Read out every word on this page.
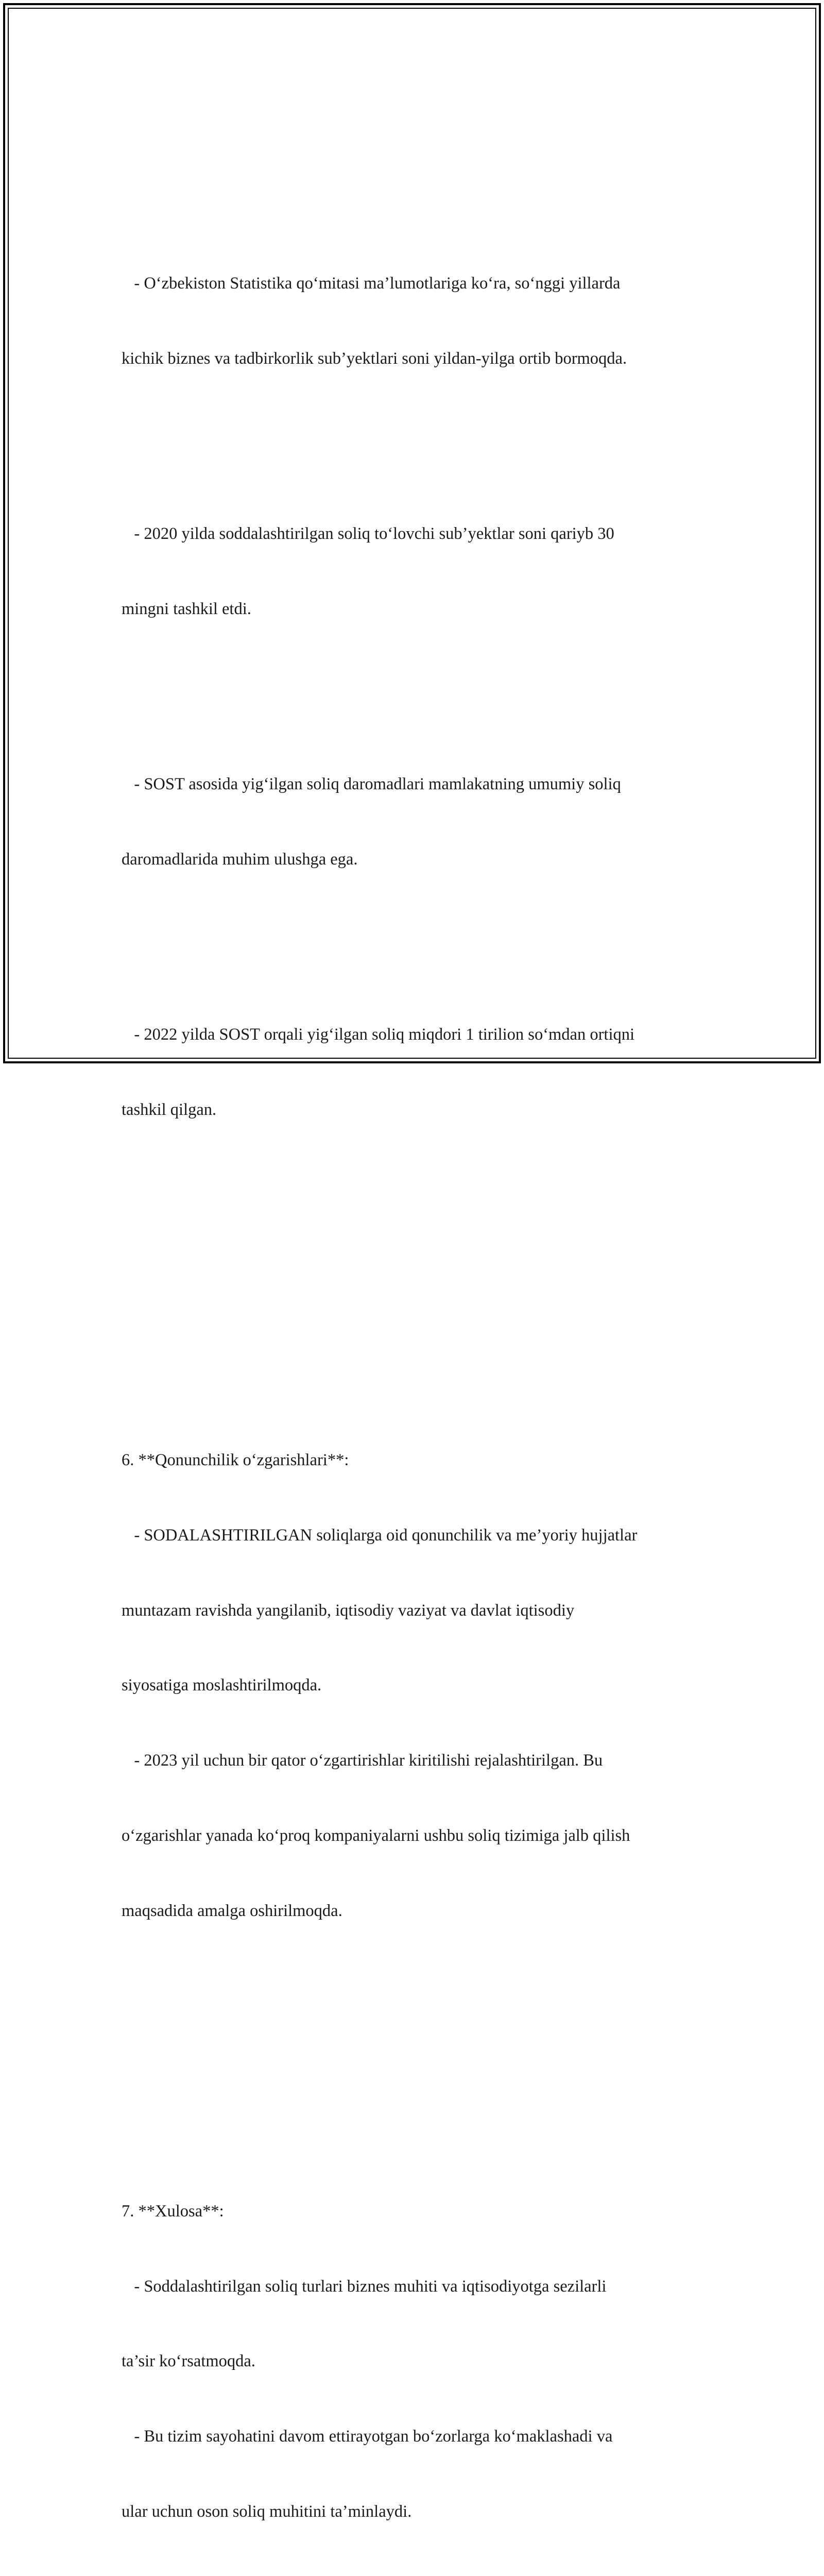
- O‘zbekiston Statistika qo‘mitasi ma’lumotlariga ko‘ra, so‘nggi yillarda

kichik biznes va tadbirkorlik sub’yektlari soni yildan-yilga ortib bormoqda.

- 2020 yilda soddalashtirilgan soliq to‘lovchi sub’yektlar soni qariyb 30

mingni tashkil etdi.

- SOST asosida yig‘ilgan soliq daromadlari mamlakatning umumiy soliq

daromadlarida muhim ulushga ega.

- 2022 yilda SOST orqali yig‘ilgan soliq miqdori 1 tirilion so‘mdan ortiqni

tashkil qilgan.

6. **Qonunchilik o‘zgarishlari**:

- SODALASHTIRILGAN soliqlarga oid qonunchilik va me’yoriy hujjatlar

muntazam ravishda yangilanib, iqtisodiy vaziyat va davlat iqtisodiy

siyosatiga moslashtirilmoqda.

- 2023 yil uchun bir qator o‘zgartirishlar kiritilishi rejalashtirilgan. Bu

o‘zgarishlar yanada ko‘proq kompaniyalarni ushbu soliq tizimiga jalb qilish

maqsadida amalga oshirilmoqda.

7. **Xulosa**:

- Soddalashtirilgan soliq turlari biznes muhiti va iqtisodiyotga sezilarli

ta’sir ko‘rsatmoqda.

- Bu tizim sayohatini davom ettirayotgan bo‘zorlarga ko‘maklashadi va

ular uchun oson soliq muhitini ta’minlaydi.
